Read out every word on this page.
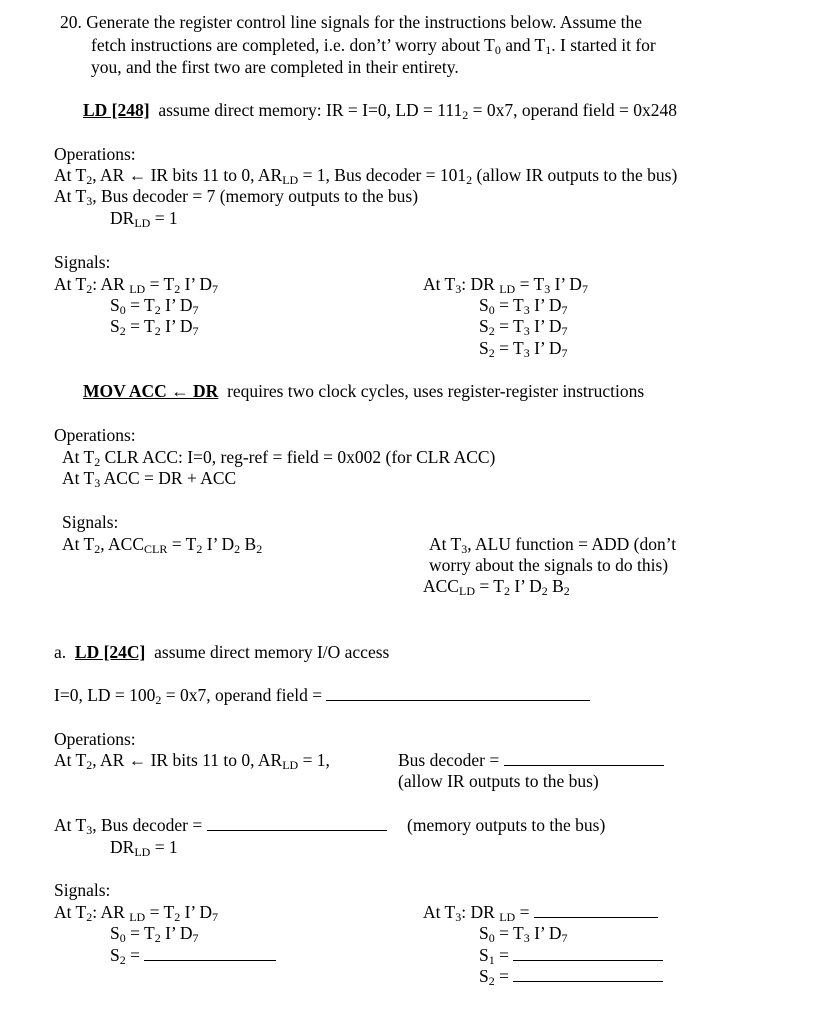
20. Generate the register control line signals for the instructions below. Assume the
fetch instructions are completed, i.e. don’t’ worry about $T_0$ and $T_1$. I started it for
you, and the first two are completed in their entirety.
LD [248] assume direct memory: IR = I=0, LD = $111_2 = 0x7$, operand field = 0x248
Operations:
At $T_2$, AR ← IR bits 11 to 0, $AR_{LD} = 1$, Bus decoder = $101_2$ (allow IR outputs to the bus)
At $T_3$, Bus decoder = 7 (memory outputs to the bus)
$DR_{LD} = 1$
Signals:
At $T_2$: AR $_{LD} = T_2$ I’ $D_7$
$S_0 = T_2$ I’ $D_7$
$S_2 = T_2$ I’ $D_7$
At $T_3$: DR $_{LD} = T_3$ I’ $D_7$
$S_0 = T_3$ I’ $D_7$
$S_2 = T_3$ I’ $D_7$
$S_2 = T_3$ I’ $D_7$
MOV ACC ← DR requires two clock cycles, uses register-register instructions
Operations:
At $T_2$ CLR ACC: I=0, reg-ref = field = 0x002 (for CLR ACC)
At $T_3$ ACC = DR + ACC
Signals:
At $T_2$, $ACC_{CLR} = T_2$ I’ $D_2$ $B_2$	At $T_3$, ALU function = ADD (don’t
worry about the signals to do this)
$ACC_{LD} = T_2$ I’ $D_2$ $B_2$
a. LD [24C] assume direct memory I/O access
I=0, LD = $100_2 = 0x7$, operand field =
Operations:
At $T_2$, AR ← IR bits 11 to 0, $AR_{LD} = 1$,	Bus decoder =
(allow IR outputs to the bus)
At $T_3$, Bus decoder =	(memory outputs to the bus)
$DR_{LD} = 1$
Signals:
At $T_2$: AR $_{LD} = T_2$ I’ $D_7$
$S_0 = T_2$ I’ $D_7$
$S_2$ =
At $T_3$: DR $_{LD}$ =
$S_0 = T_3$ I’ $D_7$
$S_1$ =
$S_2$ =
